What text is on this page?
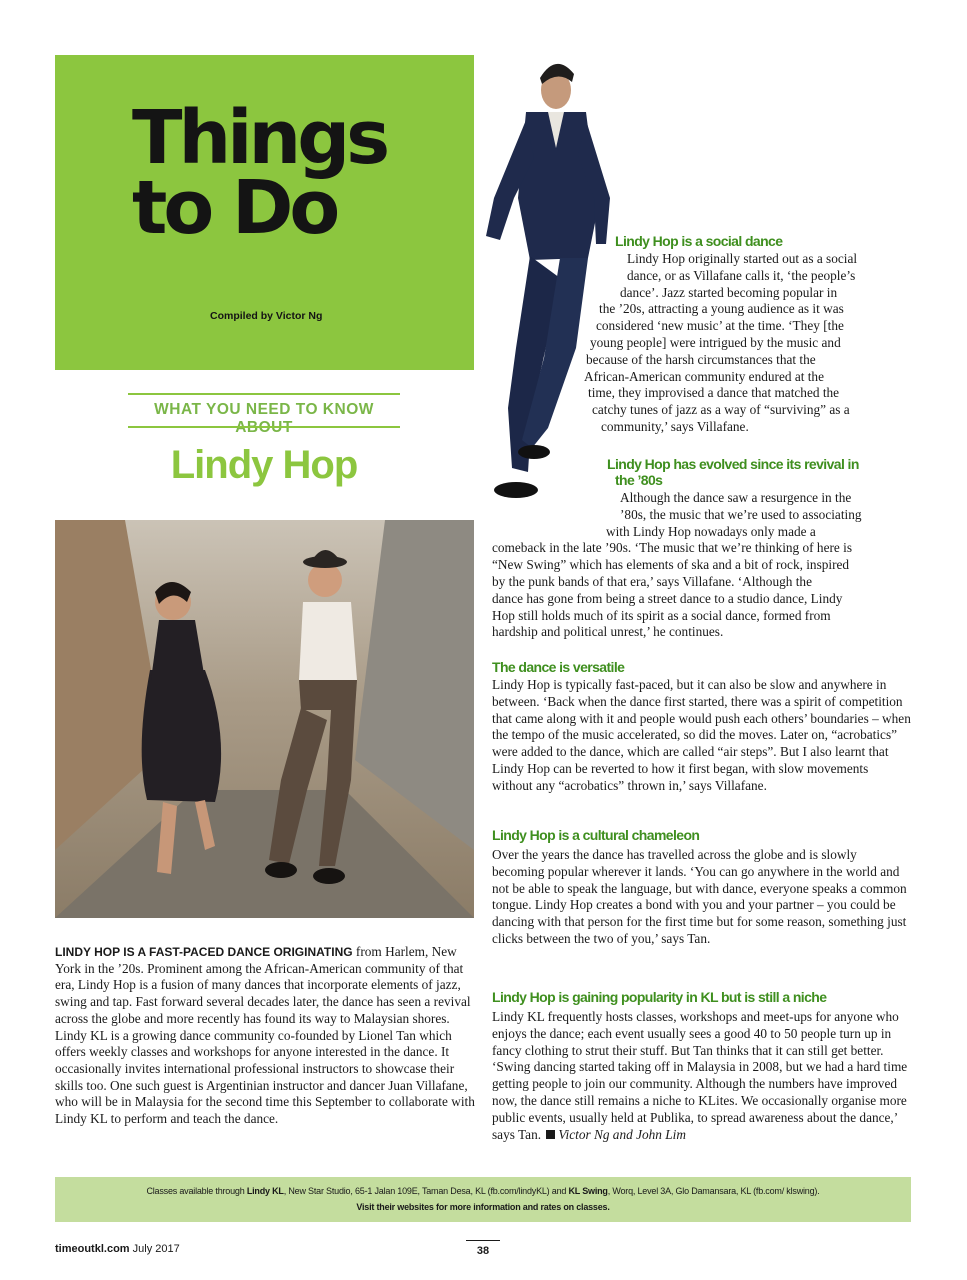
Things
to Do
Compiled by Victor Ng
WHAT YOU NEED TO KNOW ABOUT
Lindy Hop

LINDY HOP IS A FAST-PACED DANCE ORIGINATING from Harlem, New York in the ’20s. Prominent among the African-American community of that era, Lindy Hop is a fusion of many dances that incorporate elements of jazz, swing and tap. Fast forward several decades later, the dance has seen a revival across the globe and more recently has found its way to Malaysian shores. Lindy KL is a growing dance community co-founded by Lionel Tan which offers weekly classes and workshops for anyone interested in the dance. It occasionally invites international professional instructors to showcase their skills too. One such guest is Argentinian instructor and dancer Juan Villafane, who will be in Malaysia for the second time this September to collaborate with Lindy KL to perform and teach the dance.

Lindy Hop is a social dance
Lindy Hop originally started out as a social
dance, or as Villafane calls it, ‘the people’s
dance’. Jazz started becoming popular in
the ’20s, attracting a young audience as it was
considered ‘new music’ at the time. ‘They [the
young people] were intrigued by the music and
because of the harsh circumstances that the
African-American community endured at the
time, they improvised a dance that matched the
catchy tunes of jazz as a way of “surviving” as a
community,’ says Villafane.
Lindy Hop has evolved since its revival in
the ’80s
Although the dance saw a resurgence in the
’80s, the music that we’re used to associating
with Lindy Hop nowadays only made a
comeback in the late ’90s. ‘The music that we’re thinking of here is
“New Swing” which has elements of ska and a bit of rock, inspired
by the punk bands of that era,’ says Villafane. ‘Although the
dance has gone from being a street dance to a studio dance, Lindy
Hop still holds much of its spirit as a social dance, formed from
hardship and political unrest,’ he continues.
The dance is versatile

Lindy Hop is typically fast-paced, but it can also be slow and anywhere in between. ‘Back when the dance first started, there was a spirit of competition that came along with it and people would push each others’ boundaries – when the tempo of the music accelerated, so did the moves. Later on, “acrobatics” were added to the dance, which are called “air steps”. But I also learnt that Lindy Hop can be reverted to how it first began, with slow movements without any “acrobatics” thrown in,’ says Villafane.

Lindy Hop is a cultural chameleon

Over the years the dance has travelled across the globe and is slowly becoming popular wherever it lands. ‘You can go anywhere in the world and not be able to speak the language, but with dance, everyone speaks a common tongue. Lindy Hop creates a bond with you and your partner – you could be dancing with that person for the first time but for some reason, something just clicks between the two of you,’ says Tan.

Lindy Hop is gaining popularity in KL but is still a niche

Lindy KL frequently hosts classes, workshops and meet-ups for anyone who enjoys the dance; each event usually sees a good 40 to 50 people turn up in fancy clothing to strut their stuff. But Tan thinks that it can still get better. ‘Swing dancing started taking off in Malaysia in 2008, but we had a hard time getting people to join our community. Although the numbers have improved now, the dance still remains a niche to KLites. We occasionally organise more public events, usually held at Publika, to spread awareness about the dance,’ says Tan. Victor Ng and John Lim

Classes available through Lindy KL, New Star Studio, 65-1 Jalan 109E, Taman Desa, KL (fb.com/lindyKL) and KL Swing, Worq, Level 3A, Glo Damansara, KL (fb.com/ klswing).
Visit their websites for more information and rates on classes.
timeoutkl.com July 2017	38
